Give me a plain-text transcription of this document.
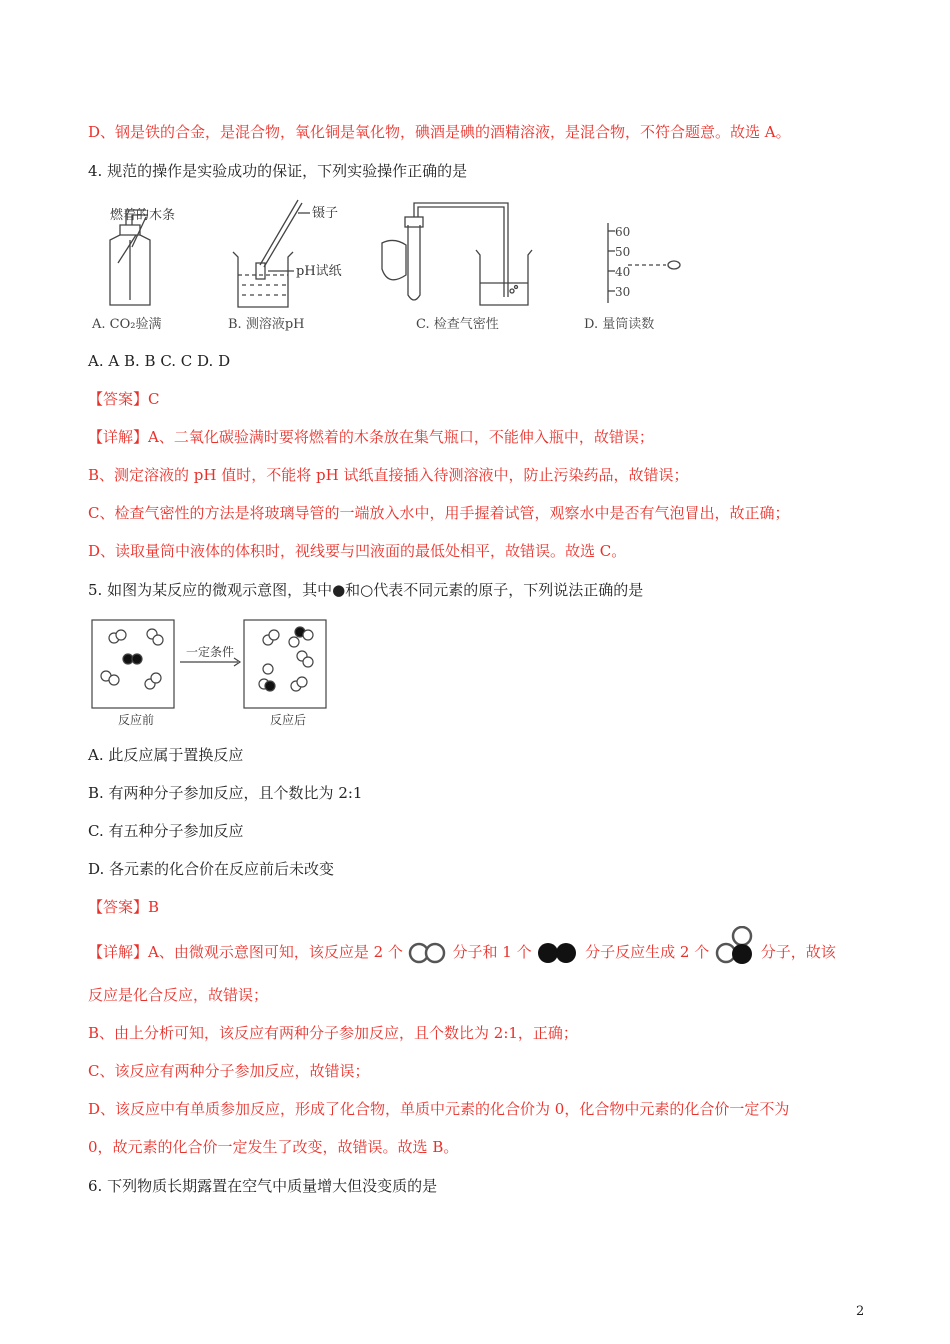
D、钢是铁的合金，是混合物，氧化铜是氧化物，碘酒是碘的酒精溶液，是混合物，不符合题意。故选 A。
4. 规范的操作是实验成功的保证，下列实验操作正确的是
燃着的木条
A. CO₂验满
镊子
pH试纸
B. 测溶液pH	C. 检查气密性
60
50
40
30
D. 量筒读数
A. A B. B C. C D. D
【答案】C
【详解】A、二氧化碳验满时要将燃着的木条放在集气瓶口，不能伸入瓶中，故错误；
B、测定溶液的 pH 值时，不能将 pH 试纸直接插入待测溶液中，防止污染药品，故错误；
C、检查气密性的方法是将玻璃导管的一端放入水中，用手握着试管，观察水中是否有气泡冒出，故正确；
D、读取量筒中液体的体积时，视线要与凹液面的最低处相平，故错误。故选 C。
5. 如图为某反应的微观示意图，其中●和○代表不同元素的原子，下列说法正确的是
一定条件
反应前	反应后
A. 此反应属于置换反应
B. 有两种分子参加反应，且个数比为 2:1
C. 有五种分子参加反应
D. 各元素的化合价在反应前后未改变
【答案】B
【详解】A、由微观示意图可知，该反应是 2 个	分子和 1 个	分子反应生成 2 个	分子，故该
反应是化合反应，故错误；
B、由上分析可知，该反应有两种分子参加反应，且个数比为 2:1，正确；
C、该反应有两种分子参加反应，故错误；
D、该反应中有单质参加反应，形成了化合物，单质中元素的化合价为 0，化合物中元素的化合价一定不为
0，故元素的化合价一定发生了改变，故错误。故选 B。
6. 下列物质长期露置在空气中质量增大但没变质的是
2
